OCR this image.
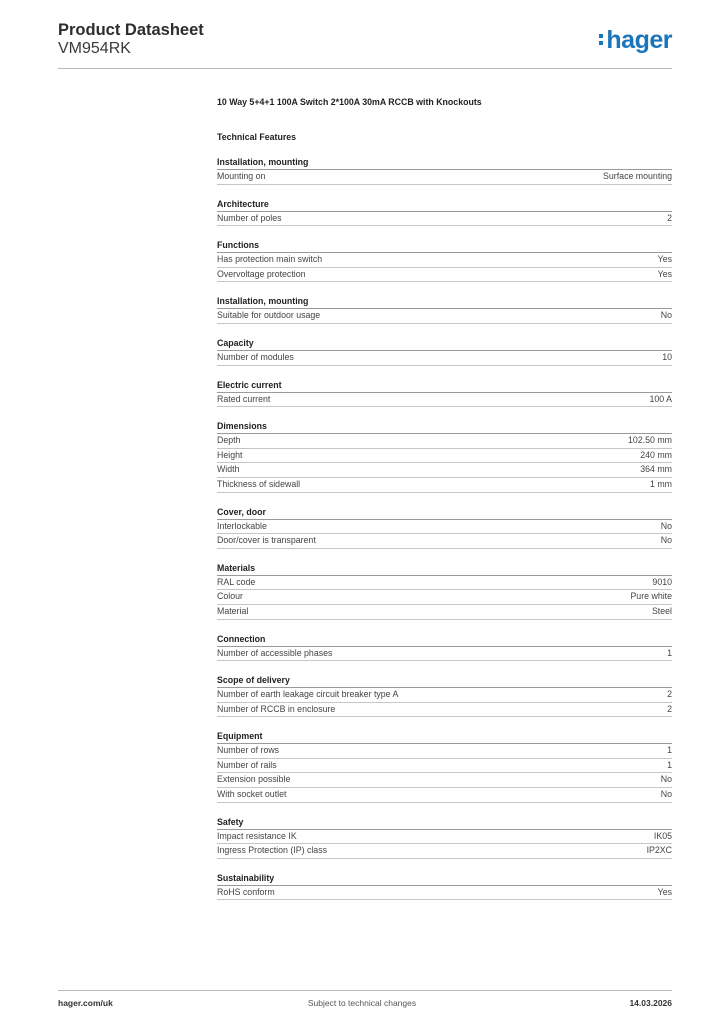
Product Datasheet
VM954RK	hager
10 Way 5+4+1 100A Switch 2*100A 30mA RCCB with Knockouts
Technical Features
Installation, mounting
Mounting on	Surface mounting
Architecture
Number of poles	2
Functions
Has protection main switch	Yes
Overvoltage protection	Yes
Installation, mounting
Suitable for outdoor usage	No
Capacity
Number of modules	10
Electric current
Rated current	100 A
Dimensions
Depth	102.50 mm
Height	240 mm
Width	364 mm
Thickness of sidewall	1 mm
Cover, door
Interlockable	No
Door/cover is transparent	No
Materials
RAL code	9010
Colour	Pure white
Material	Steel
Connection
Number of accessible phases	1
Scope of delivery
Number of earth leakage circuit breaker type A	2
Number of RCCB in enclosure	2
Equipment
Number of rows	1
Number of rails	1
Extension possible	No
With socket outlet	No
Safety
Impact resistance IK	IK05
Ingress Protection (IP) class	IP2XC
Sustainability
RoHS conform	Yes
hager.com/uk	Subject to technical changes	14.03.2026
